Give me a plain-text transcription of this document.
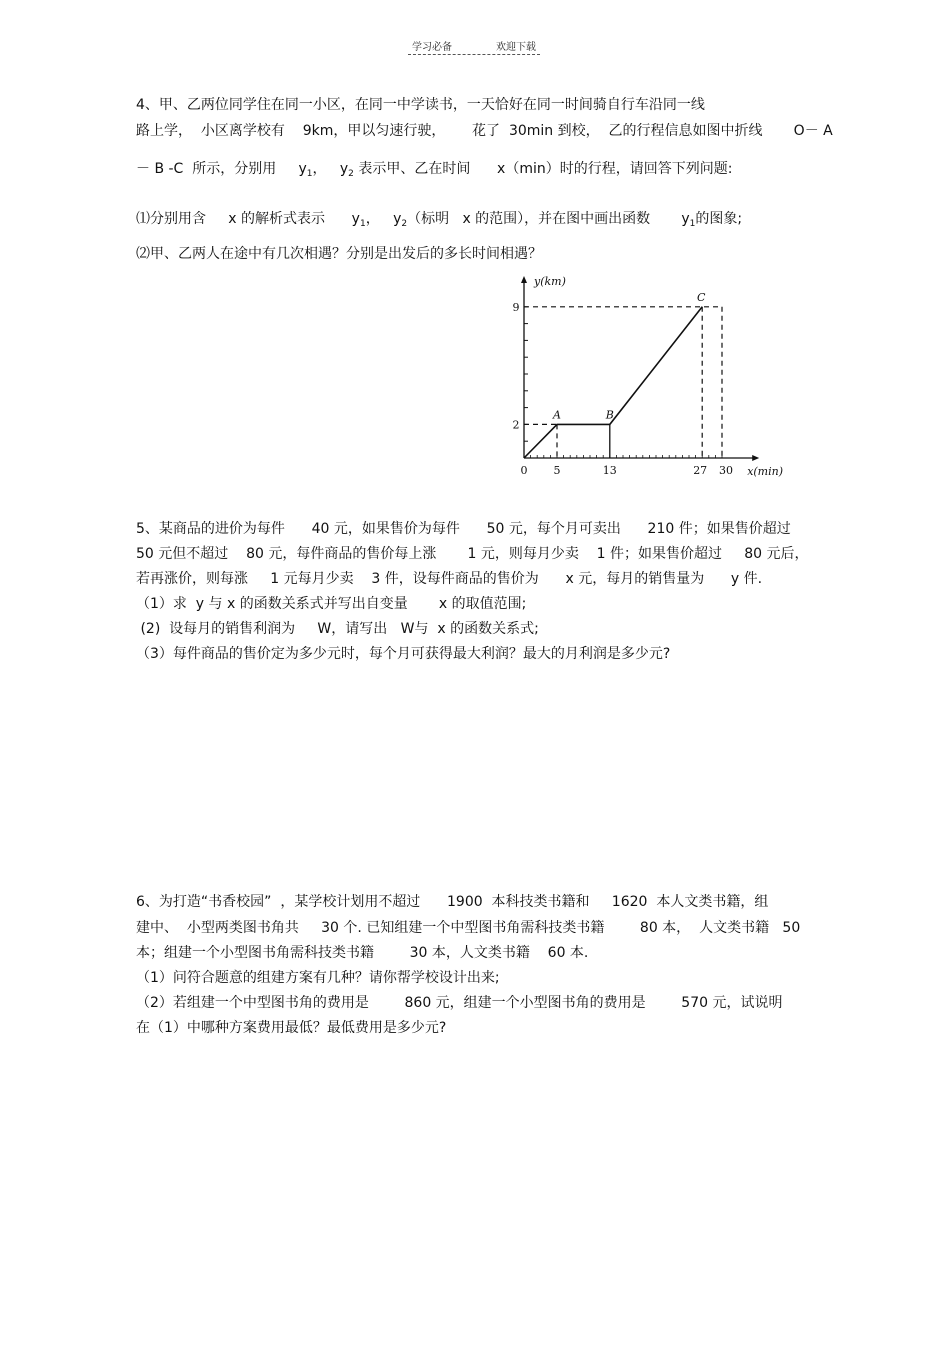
学习必备	欢迎下载
4、甲、乙两位同学住在同一小区，在同一中学读书，一天恰好在同一时间骑自行车沿同一线
路上学，  小区离学校有    9km，甲以匀速行驶，      花了  30min 到校，  乙的行程信息如图中折线       O－ A
－ B -C  所示，分别用     $y_1$，   $y_2$ 表示甲、乙在时间      x（min）时的行程，请回答下列问题:
⑴分别用含     x 的解析式表示      $y_1$，   $y_2$（标明   x 的范围），并在图中画出函数       $y_1$的图象;
⑵甲、乙两人在途中有几次相遇？分别是出发后的多长时间相遇？
0 5	13	27 30
2
9
A	B
C
y(km)
x(min)
5、某商品的进价为每件      40 元，如果售价为每件      50 元，每个月可卖出      210 件；如果售价超过
50 元但不超过    80 元，每件商品的售价每上涨       1 元，则每月少卖    1 件；如果售价超过     80 元后，
若再涨价，则每涨     1 元每月少卖    3 件，设每件商品的售价为      x 元，每月的销售量为      y 件.
（1）求  y 与 x 的函数关系式并写出自变量       x 的取值范围;
(2)  设每月的销售利润为     W，请写出   W与  x 的函数关系式;
（3）每件商品的售价定为多少元时，每个月可获得最大利润？最大的月利润是多少元?
6、为打造“书香校园”  ，某学校计划用不超过      1900  本科技类书籍和     1620  本人文类书籍，组
建中、  小型两类图书角共     30 个. 已知组建一个中型图书角需科技类书籍        80 本，  人文类书籍   50
本；组建一个小型图书角需科技类书籍        30 本，人文类书籍    60 本.
（1）问符合题意的组建方案有几种？请你帮学校设计出来;
（2）若组建一个中型图书角的费用是        860 元，组建一个小型图书角的费用是        570 元，试说明
在（1）中哪种方案费用最低？最低费用是多少元?
